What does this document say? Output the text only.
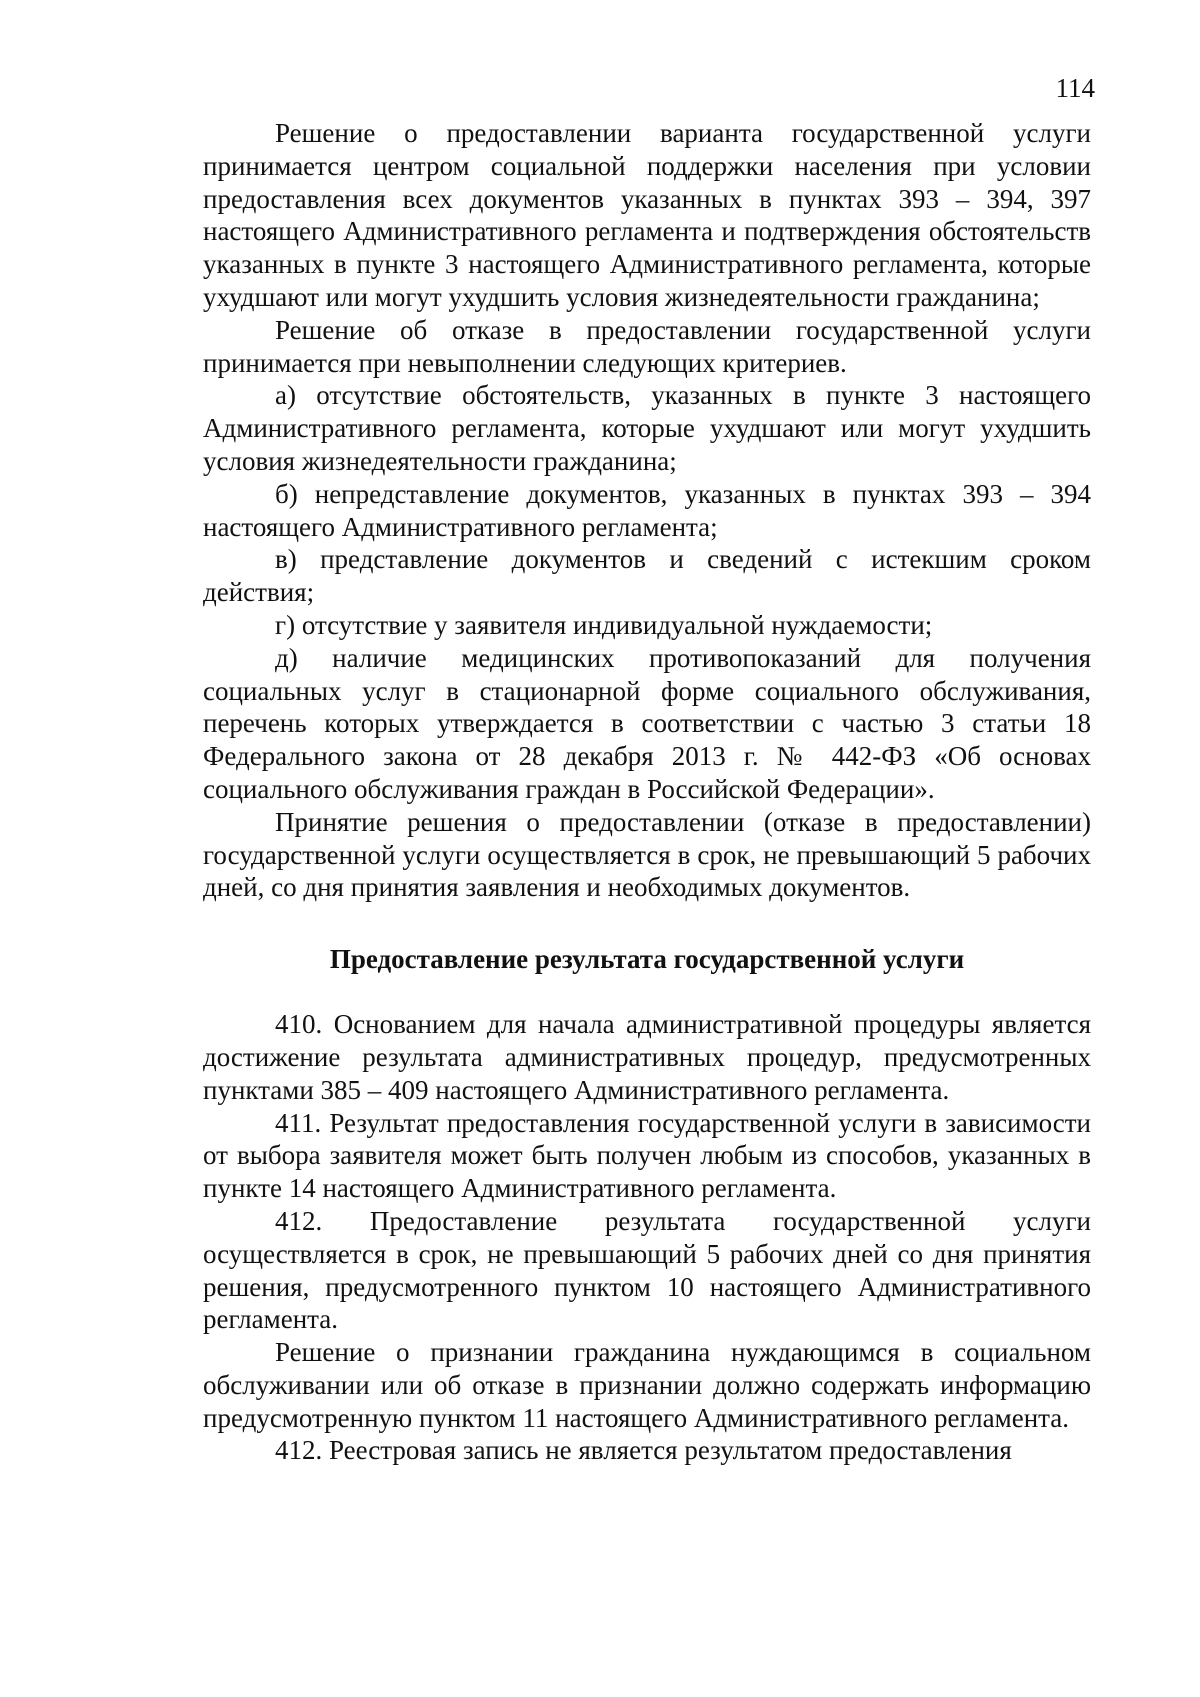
114

Решение о предоставлении варианта государственной услуги принимается центром социальной поддержки населения при условии предоставления всех документов указанных в пунктах 393 – 394, 397 настоящего Административного регламента и подтверждения обстоятельств указанных в пункте 3 настоящего Административного регламента, которые ухудшают или могут ухудшить условия жизнедеятельности гражданина;

Решение об отказе в предоставлении государственной услуги принимается при невыполнении следующих критериев.

а) отсутствие обстоятельств, указанных в пункте 3 настоящего Административного регламента, которые ухудшают или могут ухудшить условия жизнедеятельности гражданина;

б) непредставление документов, указанных в пунктах 393 – 394 настоящего Административного регламента;

в) представление документов и сведений с истекшим сроком действия;

г) отсутствие у заявителя индивидуальной нуждаемости;

д) наличие медицинских противопоказаний для получения социальных услуг в стационарной форме социального обслуживания, перечень которых утверждается в соответствии с частью 3 статьи 18 Федерального закона от 28 декабря 2013 г. № 442-ФЗ «Об основах социального обслуживания граждан в Российской Федерации».

Принятие решения о предоставлении (отказе в предоставлении) государственной услуги осуществляется в срок, не превышающий 5 рабочих дней, со дня принятия заявления и необходимых документов.

Предоставление результата государственной услуги

410. Основанием для начала административной процедуры является достижение результата административных процедур, предусмотренных пунктами 385 – 409 настоящего Административного регламента.

411. Результат предоставления государственной услуги в зависимости от выбора заявителя может быть получен любым из способов, указанных в пункте 14 настоящего Административного регламента.

412. Предоставление результата государственной услуги осуществляется в срок, не превышающий 5 рабочих дней со дня принятия решения, предусмотренного пунктом 10 настоящего Административного регламента.

Решение о признании гражданина нуждающимся в социальном обслуживании или об отказе в признании должно содержать информацию предусмотренную пунктом 11 настоящего Административного регламента.

412. Реестровая запись не является результатом предоставления
